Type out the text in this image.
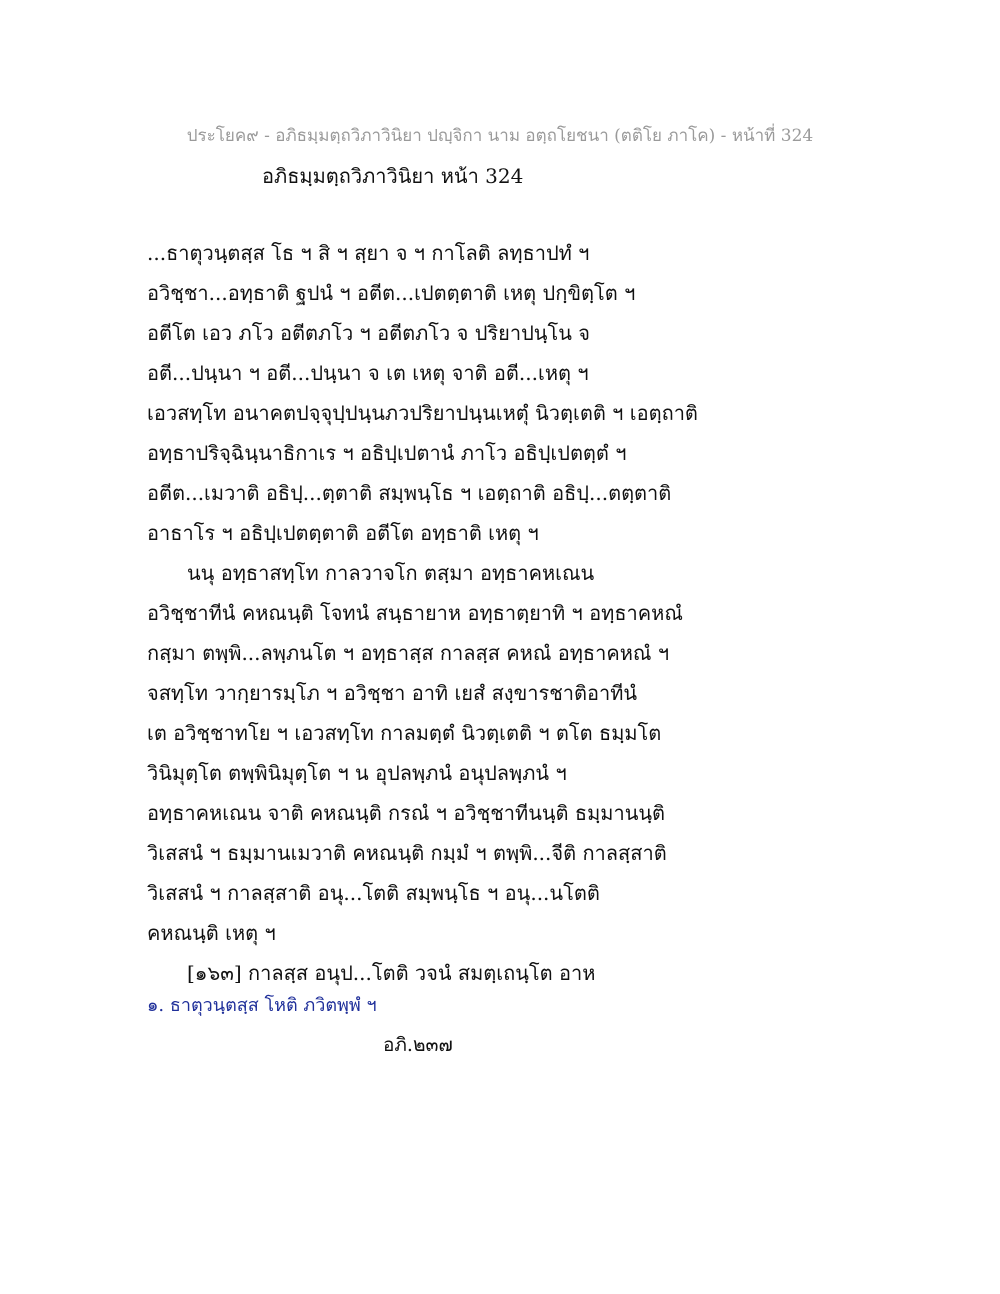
ประโยค๙ - อภิธมฺมตฺถวิภาวินิยา ปญฺจิกา นาม อตฺถโยชนา (ตติโย ภาโค) - หน้าที่ 324
อภิธมฺมตฺถวิภาวินิยา หน้า 324

...ธาตุวนฺตสฺส โธ ฯ สิ ฯ สฺยา จ ฯ กาโลติ ลทฺธาปทํ ฯ

อวิชฺชา...อทฺธาติ ฐปนํ ฯ อตีต...เปตตฺตาติ เหตุ ปกฺขิตฺโต ฯ

อตีโต เอว ภโว อตีตภโว ฯ อตีตภโว จ ปริยาปนฺโน จ

อตี...ปนฺนา ฯ อตี...ปนฺนา จ เต เหตุ จาติ อตี...เหตุ ฯ

เอวสทฺโท อนาคตปจฺจุปฺปนฺนภวปริยาปนฺนเหตุํ นิวตฺเตติ ฯ เอตฺถาติ

อทฺธาปริจฺฉินฺนาธิกาเร ฯ อธิปฺเปตานํ ภาโว อธิปฺเปตตฺตํ ฯ

อตีต...เมวาติ อธิปฺ...ตฺตาติ สมฺพนฺโธ ฯ เอตฺถาติ อธิปฺ...ตตฺตาติ

อาธาโร ฯ อธิปฺเปตตฺตาติ อตีโต อทฺธาติ เหตุ ฯ

นนุ อทฺธาสทฺโท กาลวาจโก ตสฺมา อทฺธาคหเณน

อวิชฺชาทีนํ คหณนฺติ โจทนํ สนฺธายาห อทฺธาตฺยาทิ ฯ อทฺธาคหณํ

กสฺมา ตพฺพิ...ลพฺภนโต ฯ อทฺธาสฺส กาลสฺส คหณํ อทฺธาคหณํ ฯ

จสทฺโท วากฺยารมฺโภ ฯ อวิชฺชา อาทิ เยสํ สงฺขารชาติอาทีนํ

เต อวิชฺชาทโย ฯ เอวสทฺโท กาลมตฺตํ นิวตฺเตติ ฯ ตโต ธมฺมโต

วินิมุตฺโต ตพฺพินิมุตฺโต ฯ น อุปลพฺภนํ อนุปลพฺภนํ ฯ

อทฺธาคหเณน จาติ คหณนฺติ กรณํ ฯ อวิชฺชาทีนนฺติ ธมฺมานนฺติ

วิเสสนํ ฯ ธมฺมานเมวาติ คหณนฺติ กมฺมํ ฯ ตพฺพิ...จีติ กาลสฺสาติ

วิเสสนํ ฯ กาลสฺสาติ อนุ...โตติ สมฺพนฺโธ ฯ อนุ...นโตติ

คหณนฺติ เหตุ ฯ

[๑๖๓] กาลสฺส อนุป...โตติ วจนํ สมตฺเถนฺโต อาห

๑. ธาตุวนฺตสฺส โหติ ภวิตพฺพํ ฯ
อภิ.๒๓๗
